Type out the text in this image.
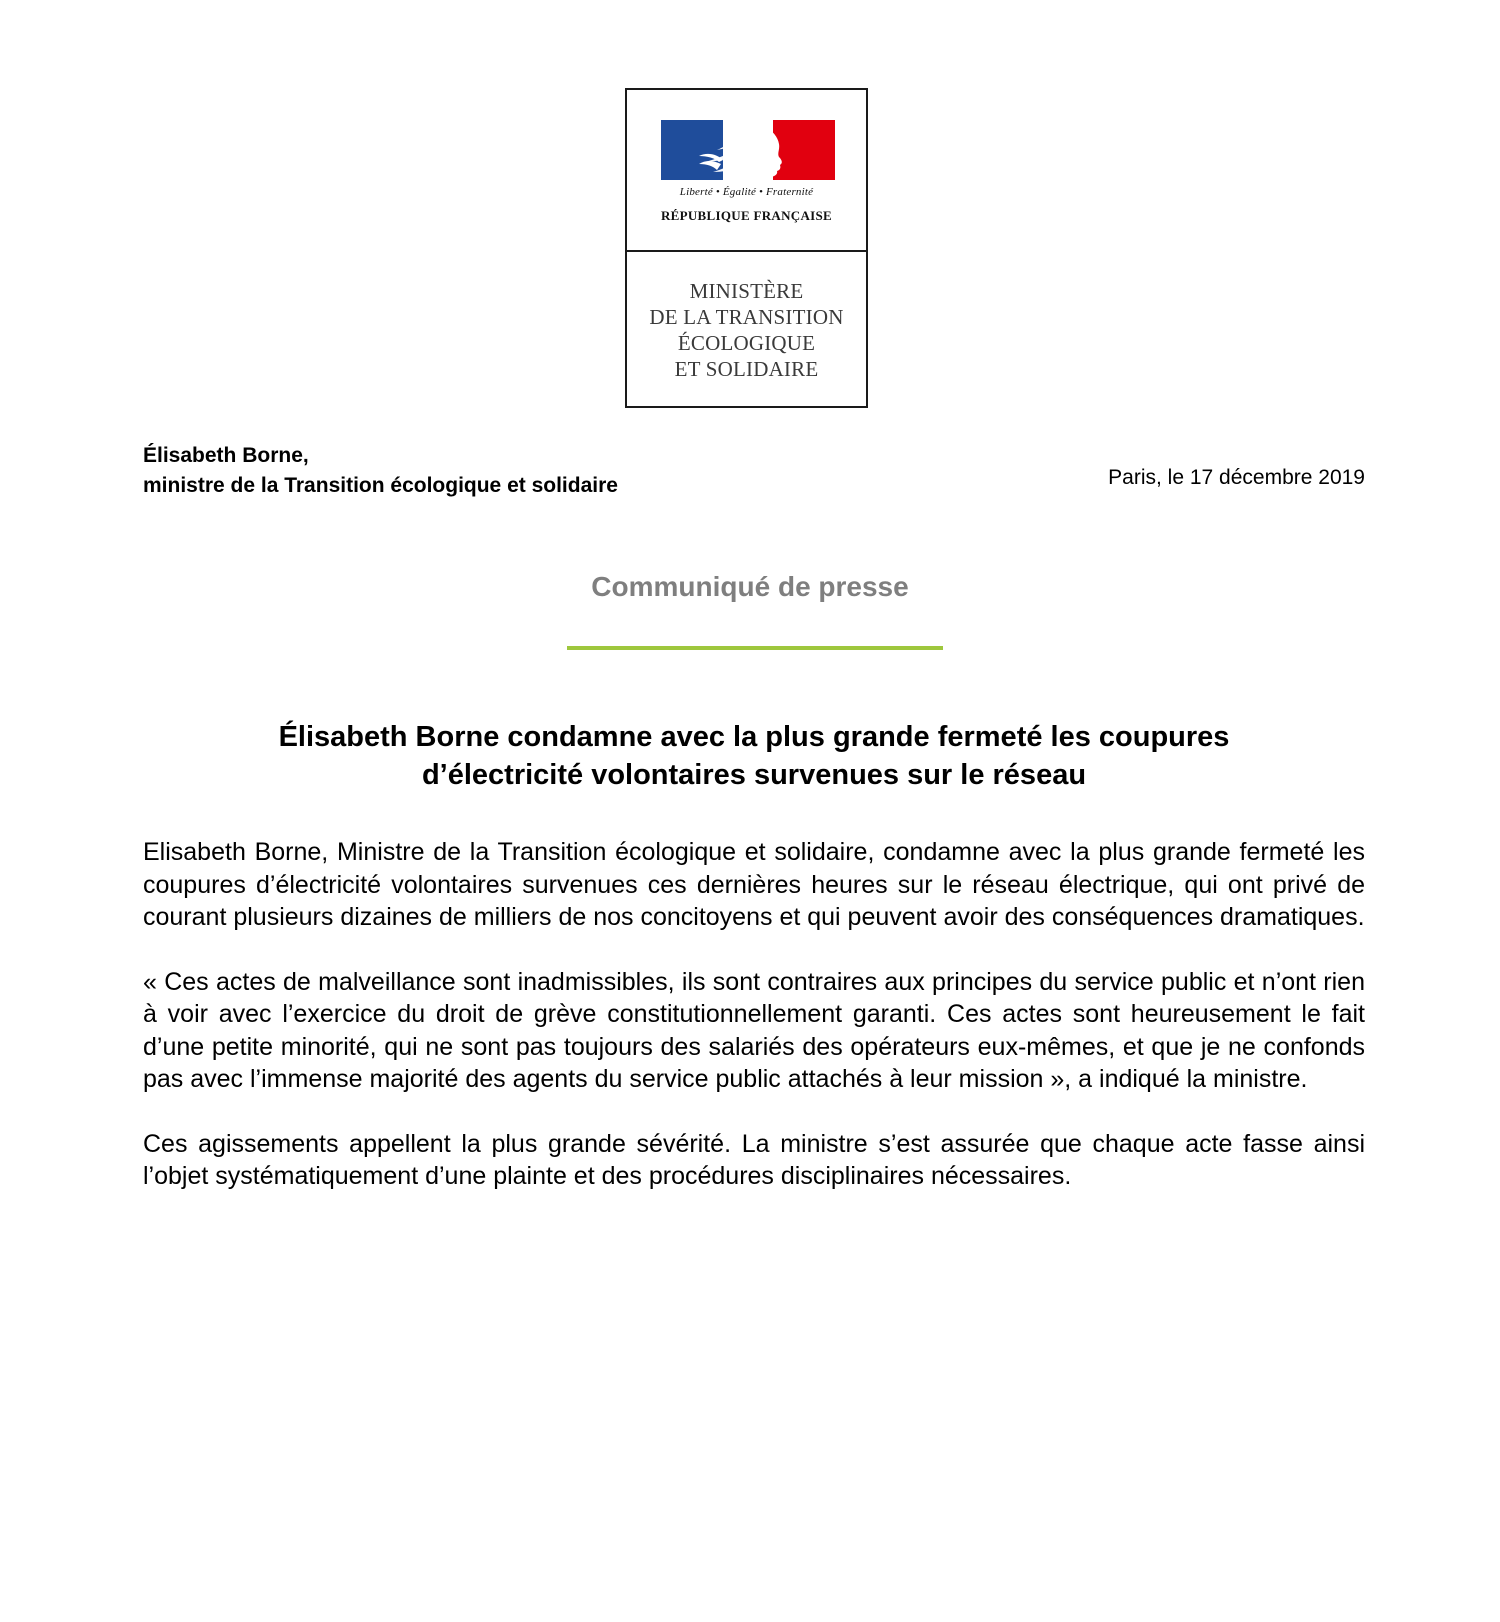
Liberté • Égalité • Fraternité
RÉPUBLIQUE FRANÇAISE
MINISTÈRE
DE LA TRANSITION
ÉCOLOGIQUE
ET SOLIDAIRE
Élisabeth Borne,
ministre de la Transition écologique et solidaire	Paris, le 17 décembre 2019
Communiqué de presse
Élisabeth Borne condamne avec la plus grande fermeté les coupures
d’électricité volontaires survenues sur le réseau

Elisabeth Borne, Ministre de la Transition écologique et solidaire, condamne avec la plus grande fermeté les coupures d’électricité volontaires survenues ces dernières heures sur le réseau électrique, qui ont privé de courant plusieurs dizaines de milliers de nos concitoyens et qui peuvent avoir des conséquences dramatiques.

« Ces actes de malveillance sont inadmissibles, ils sont contraires aux principes du service public et n’ont rien à voir avec l’exercice du droit de grève constitutionnellement garanti. Ces actes sont heureusement le fait d’une petite minorité, qui ne sont pas toujours des salariés des opérateurs eux-mêmes, et que je ne confonds pas avec l’immense majorité des agents du service public attachés à leur mission », a indiqué la ministre.

Ces agissements appellent la plus grande sévérité. La ministre s’est assurée que chaque acte fasse ainsi l’objet systématiquement d’une plainte et des procédures disciplinaires nécessaires.
